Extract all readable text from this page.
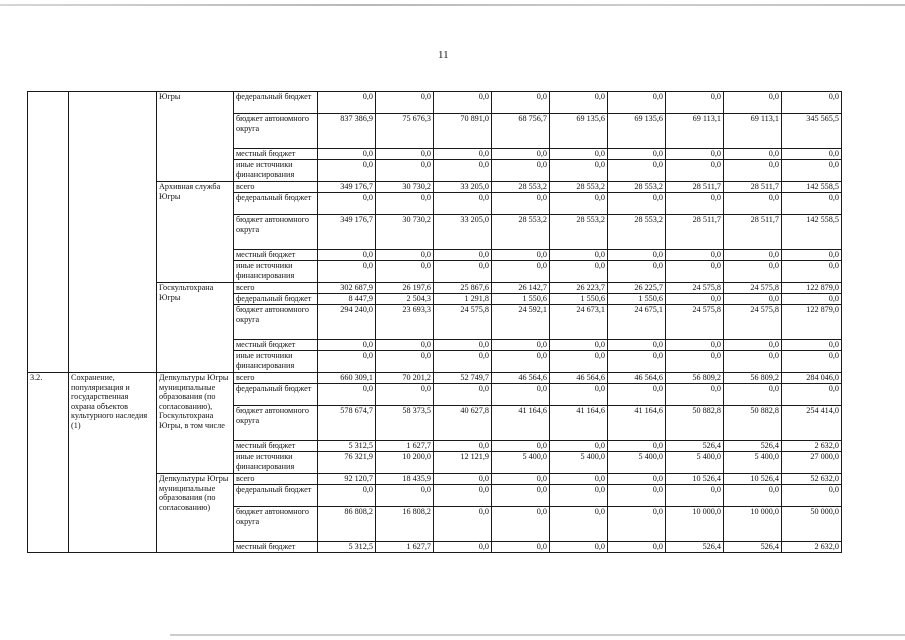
11
		Югры	федеральный бюджет	0,0	0,0	0,0	0,0	0,0	0,0	0,0	0,0	0,0
			бюджет автономного округа	837 386,9	75 676,3	70 891,0	68 756,7	69 135,6	69 135,6	69 113,1	69 113,1	345 565,5
			местный бюджет	0,0	0,0	0,0	0,0	0,0	0,0	0,0	0,0	0,0
			иные источники финансирования	0,0	0,0	0,0	0,0	0,0	0,0	0,0	0,0	0,0
		Архивная служба Югры	всего	349 176,7	30 730,2	33 205,0	28 553,2	28 553,2	28 553,2	28 511,7	28 511,7	142 558,5
			федеральный бюджет	0,0	0,0	0,0	0,0	0,0	0,0	0,0	0,0	0,0
			бюджет автономного округа	349 176,7	30 730,2	33 205,0	28 553,2	28 553,2	28 553,2	28 511,7	28 511,7	142 558,5
			местный бюджет	0,0	0,0	0,0	0,0	0,0	0,0	0,0	0,0	0,0
			иные источники финансирования	0,0	0,0	0,0	0,0	0,0	0,0	0,0	0,0	0,0
		Госкультохрана Югры	всего	302 687,9	26 197,6	25 867,6	26 142,7	26 223,7	26 225,7	24 575,8	24 575,8	122 879,0
			федеральный бюджет	8 447,9	2 504,3	1 291,8	1 550,6	1 550,6	1 550,6	0,0	0,0	0,0
			бюджет автономного округа	294 240,0	23 693,3	24 575,8	24 592,1	24 673,1	24 675,1	24 575,8	24 575,8	122 879,0
			местный бюджет	0,0	0,0	0,0	0,0	0,0	0,0	0,0	0,0	0,0
			иные источники финансирования	0,0	0,0	0,0	0,0	0,0	0,0	0,0	0,0	0,0
3.2.	Сохранение, популяризация и государственная охрана объектов культурного наследия (1)	Депкультуры Югры муниципальные образования (по согласованию), Госкультохрана Югры, в том числе	всего	660 309,1	70 201,2	52 749,7	46 564,6	46 564,6	46 564,6	56 809,2	56 809,2	284 046,0
			федеральный бюджет	0,0	0,0	0,0	0,0	0,0	0,0	0,0	0,0	0,0
			бюджет автономного округа	578 674,7	58 373,5	40 627,8	41 164,6	41 164,6	41 164,6	50 882,8	50 882,8	254 414,0
			местный бюджет	5 312,5	1 627,7	0,0	0,0	0,0	0,0	526,4	526,4	2 632,0
			иные источники финансирования	76 321,9	10 200,0	12 121,9	5 400,0	5 400,0	5 400,0	5 400,0	5 400,0	27 000,0
		Депкультуры Югры муниципальные образования (по согласованию)	всего	92 120,7	18 435,9	0,0	0,0	0,0	0,0	10 526,4	10 526,4	52 632,0
			федеральный бюджет	0,0	0,0	0,0	0,0	0,0	0,0	0,0	0,0	0,0
			бюджет автономного округа	86 808,2	16 808,2	0,0	0,0	0,0	0,0	10 000,0	10 000,0	50 000,0
			местный бюджет	5 312,5	1 627,7	0,0	0,0	0,0	0,0	526,4	526,4	2 632,0
